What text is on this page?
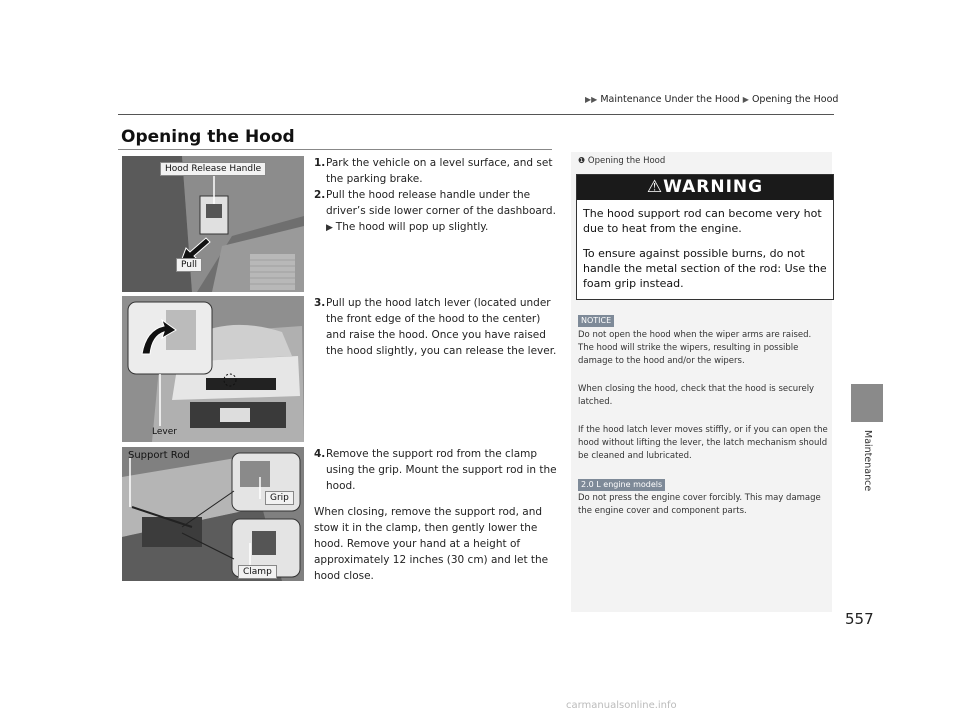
▶▶ Maintenance Under the Hood ▶ Opening the Hood
Opening the Hood
Maintenance
Hood Release Handle
Pull
Lever
Support Rod
Grip
Clamp
1. Park the vehicle on a level surface, and set the parking brake.
2. Pull the hood release handle under the driver’s side lower corner of the dashboard.
▶ The hood will pop up slightly.
3. Pull up the hood latch lever (located under the front edge of the hood to the center) and raise the hood. Once you have raised the hood slightly, you can release the lever.
4. Remove the support rod from the clamp using the grip. Mount the support rod in the hood.
When closing, remove the support rod, and stow it in the clamp, then gently lower the hood. Remove your hand at a height of approximately 12 inches (30 cm) and let the hood close.
❶ Opening the Hood
⚠WARNING
The hood support rod can become very hot due to heat from the engine.
To ensure against possible burns, do not handle the metal section of the rod: Use the foam grip instead.
NOTICE
Do not open the hood when the wiper arms are raised. The hood will strike the wipers, resulting in possible damage to the hood and/or the wipers.
When closing the hood, check that the hood is securely latched.
If the hood latch lever moves stiffly, or if you can open the hood without lifting the lever, the latch mechanism should be cleaned and lubricated.
2.0 L engine models
Do not press the engine cover forcibly. This may damage the engine cover and component parts.
557
carmanualsonline.info
